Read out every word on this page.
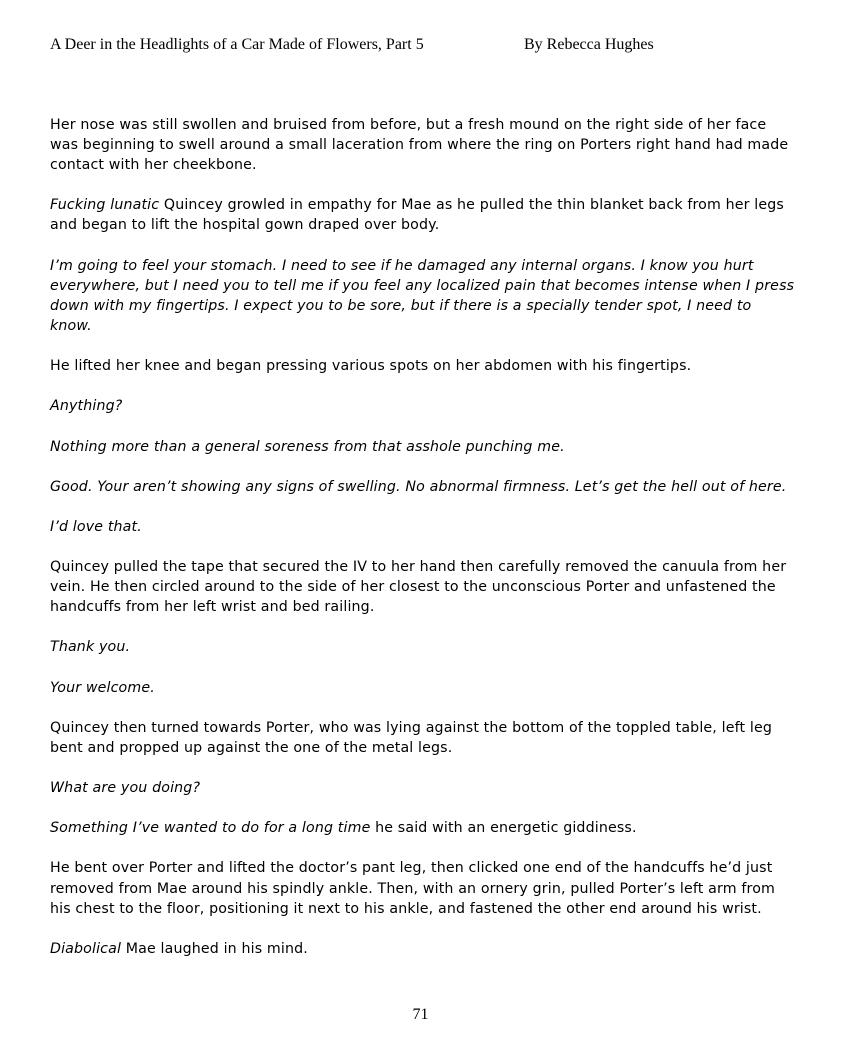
A Deer in the Headlights of a Car Made of Flowers, Part 5	By Rebecca Hughes

Her nose was still swollen and bruised from before, but a fresh mound on the right side of her face was beginning to swell around a small laceration from where the ring on Porters right hand had made contact with her cheekbone.

Fucking lunatic Quincey growled in empathy for Mae as he pulled the thin blanket back from her legs and began to lift the hospital gown draped over body.

I’m going to feel your stomach. I need to see if he damaged any internal organs. I know you hurt everywhere, but I need you to tell me if you feel any localized pain that becomes intense when I press down with my fingertips. I expect you to be sore, but if there is a specially tender spot, I need to know.

He lifted her knee and began pressing various spots on her abdomen with his fingertips.

Anything?

Nothing more than a general soreness from that asshole punching me.

Good. Your aren’t showing any signs of swelling. No abnormal firmness. Let’s get the hell out of here.

I’d love that.

Quincey pulled the tape that secured the IV to her hand then carefully removed the canuula from her vein. He then circled around to the side of her closest to the unconscious Porter and unfastened the handcuffs from her left wrist and bed railing.

Thank you.

Your welcome.

Quincey then turned towards Porter, who was lying against the bottom of the toppled table, left leg bent and propped up against the one of the metal legs.

What are you doing?

Something I’ve wanted to do for a long time he said with an energetic giddiness.

He bent over Porter and lifted the doctor’s pant leg, then clicked one end of the handcuffs he’d just removed from Mae around his spindly ankle. Then, with an ornery grin, pulled Porter’s left arm from his chest to the floor, positioning it next to his ankle, and fastened the other end around his wrist.

Diabolical Mae laughed in his mind.

71
